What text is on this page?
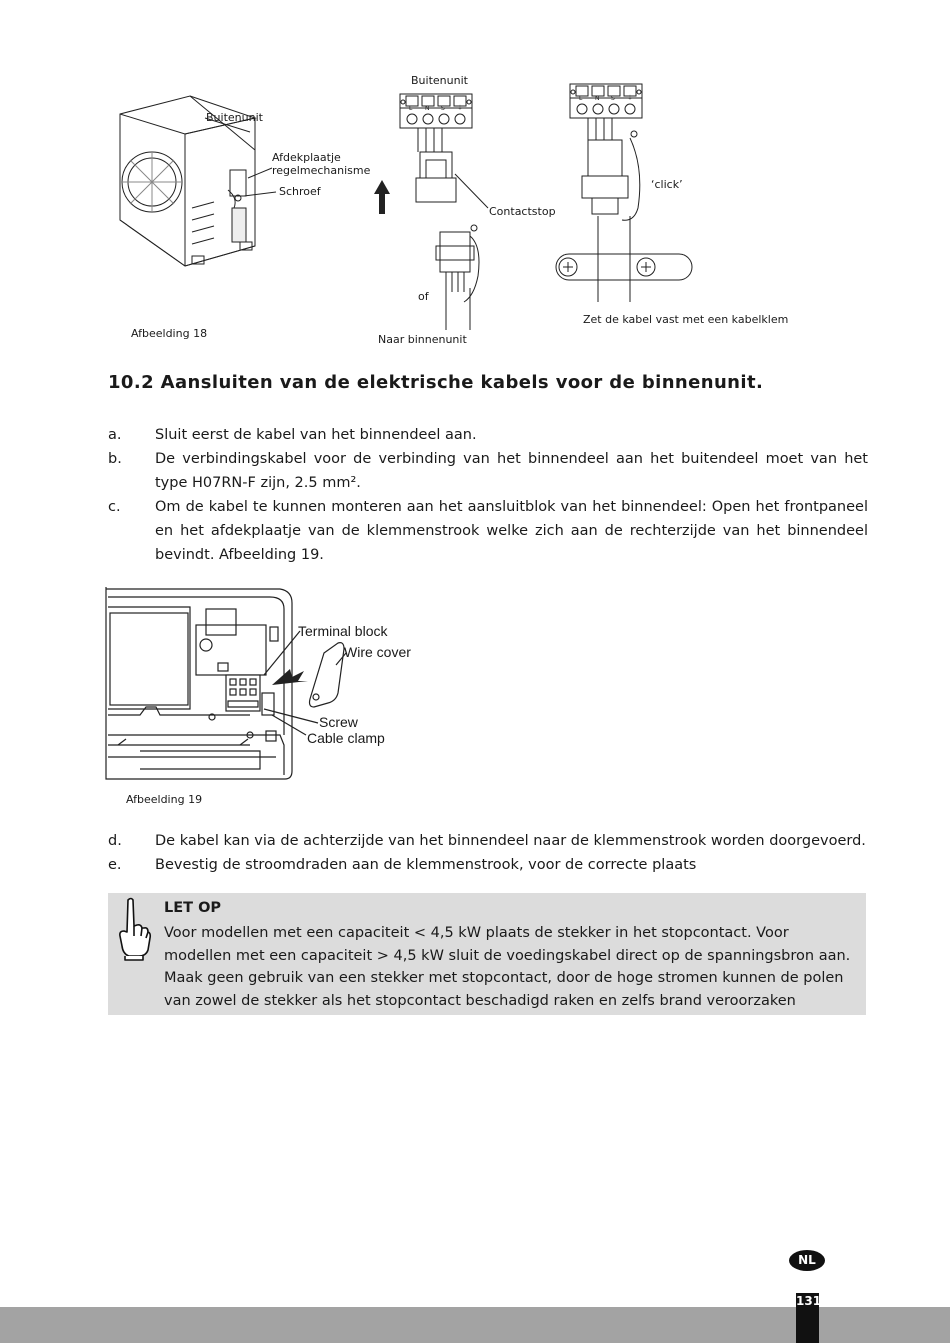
Buitenunit
Afdekplaatje
regelmechanisme
Schroef
Buitenunit
Contactstop
‘click’
of
Zet de kabel vast met een kabelklem
Naar binnenunit
Afbeelding 18
L N S ⏚
L N S ⏚
10.2 Aansluiten van de elektrische kabels voor de binnenunit.
a. Sluit eerst de kabel van het binnendeel aan.
b. De verbindingskabel voor de verbinding van het binnendeel aan het buitendeel moet van het type H07RN-F zijn, 2.5 mm².
c. Om de kabel te kunnen monteren aan het aansluitblok van het binnendeel: Open het frontpaneel en het afdekplaatje van de klemmenstrook welke zich aan de rechterzijde van het binnendeel bevindt. Afbeelding 19.
Terminal block
Wire cover
Screw
Cable clamp
Afbeelding 19
d. De kabel kan via de achterzijde van het binnendeel naar de klemmenstrook worden doorgevoerd.
e. Bevestig de stroomdraden aan de klemmenstrook, voor de correcte plaats
LET OP
Voor modellen met een capaciteit < 4,5 kW plaats de stekker in het stopcontact. Voor modellen met een capaciteit > 4,5 kW sluit de voedingskabel direct op de spanningsbron aan. Maak geen gebruik van een stekker met stopcontact, door de hoge stromen kunnen de polen van zowel de stekker als het stopcontact beschadigd raken en zelfs brand veroorzaken
NL
131
